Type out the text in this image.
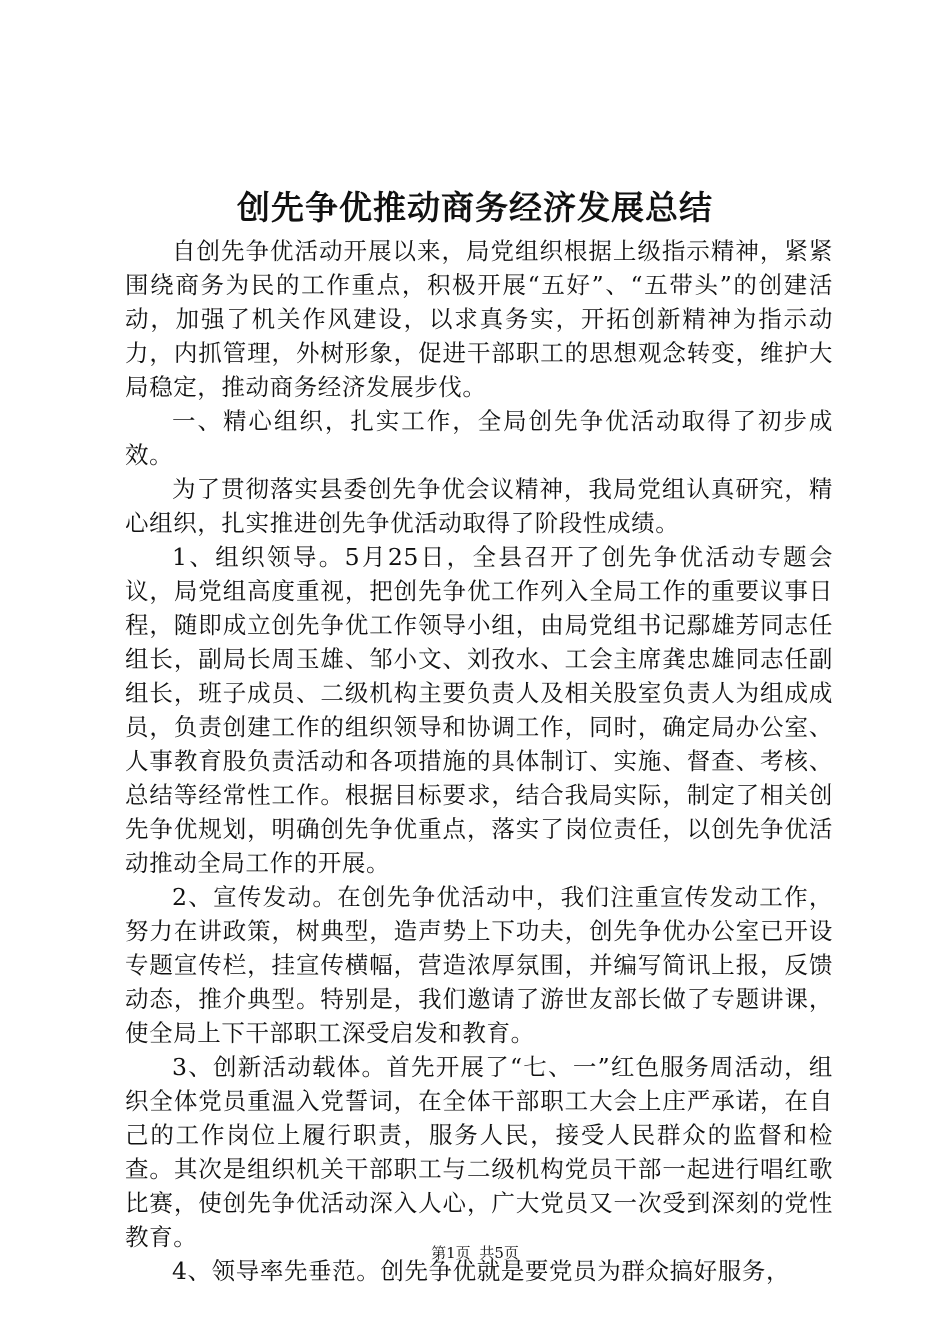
创先争优推动商务经济发展总结

自创先争优活动开展以来，局党组织根据上级指示精神，紧紧围绕商务为民的工作重点，积极开展“五好”、“五带头”的创建活动，加强了机关作风建设，以求真务实，开拓创新精神为指示动力，内抓管理，外树形象，促进干部职工的思想观念转变，维护大局稳定，推动商务经济发展步伐。

一、精心组织，扎实工作，全局创先争优活动取得了初步成效。

为了贯彻落实县委创先争优会议精神，我局党组认真研究，精心组织，扎实推进创先争优活动取得了阶段性成绩。

1、组织领导。5月25日，全县召开了创先争优活动专题会议，局党组高度重视，把创先争优工作列入全局工作的重要议事日程，随即成立创先争优工作领导小组，由局党组书记鄢雄芳同志任组长，副局长周玉雄、邹小文、刘孜水、工会主席龚忠雄同志任副组长，班子成员、二级机构主要负责人及相关股室负责人为组成成员，负责创建工作的组织领导和协调工作，同时，确定局办公室、人事教育股负责活动和各项措施的具体制订、实施、督查、考核、总结等经常性工作。根据目标要求，结合我局实际，制定了相关创先争优规划，明确创先争优重点，落实了岗位责任，以创先争优活动推动全局工作的开展。

2、宣传发动。在创先争优活动中，我们注重宣传发动工作，努力在讲政策，树典型，造声势上下功夫，创先争优办公室已开设专题宣传栏，挂宣传横幅，营造浓厚氛围，并编写简讯上报，反馈动态，推介典型。特别是，我们邀请了游世友部长做了专题讲课，使全局上下干部职工深受启发和教育。

3、创新活动载体。首先开展了“七、一”红色服务周活动，组织全体党员重温入党誓词，在全体干部职工大会上庄严承诺，在自己的工作岗位上履行职责，服务人民，接受人民群众的监督和检查。其次是组织机关干部职工与二级机构党员干部一起进行唱红歌比赛，使创先争优活动深入人心，广大党员又一次受到深刻的党性教育。

4、领导率先垂范。创先争优就是要党员为群众搞好服务，

第1页 共5页
